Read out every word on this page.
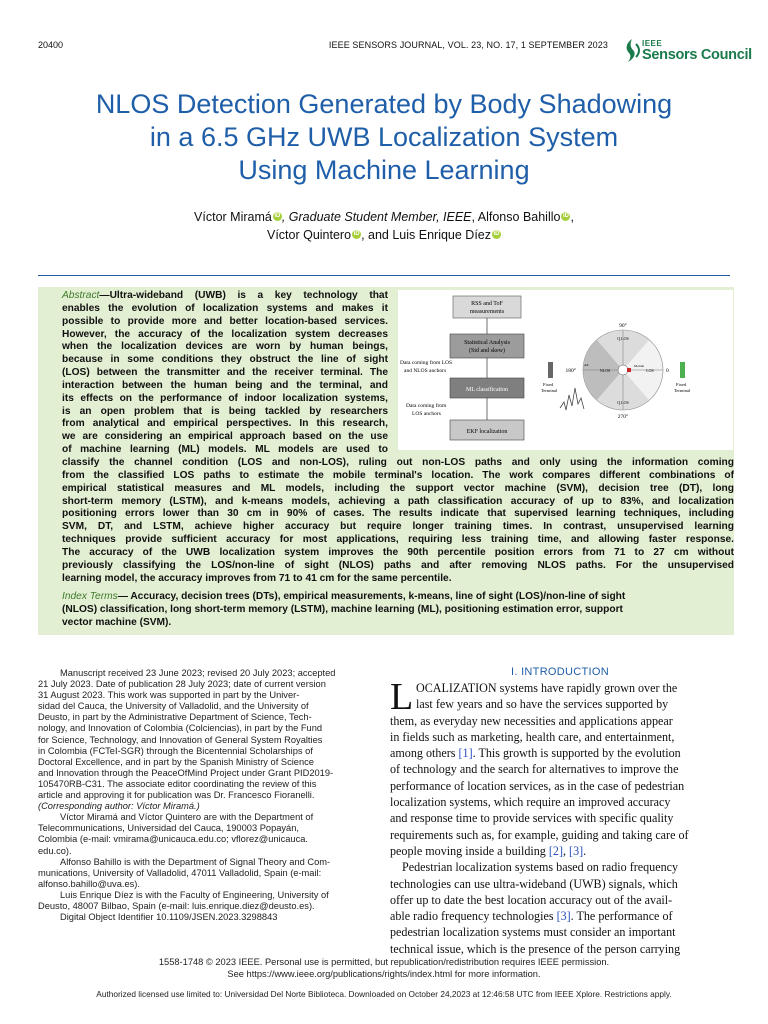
20400	IEEE SENSORS JOURNAL, VOL. 23, NO. 17, 1 SEPTEMBER 2023	IEEE
Sensors Council
NLOS Detection Generated by Body Shadowing
in a 6.5 GHz UWB Localization System
Using Machine Learning
Víctor Miramá iD , Graduate Student Member, IEEE, Alfonso Bahillo iD ,
Víctor Quintero iD , and Luis Enrique Díez iD
RSS and ToF
measurements
Statistical Analysis
(Std and skew)
Data coming from LOS
and NLOS anchors
ML classification
Data coming from
LOS anchors
EKF localization
Fixed
Terminal
90°
180°	0
270°
Q.LOS
Q.LOS
NLOS	LOS
Mobile
AP
Fixed
Terminal
Abstract—Ultra-wideband (UWB) is a key technology that
enables the evolution of localization systems and makes it
possible to provide more and better location-based services.
However, the accuracy of the localization system decreases
when the localization devices are worn by human beings,
because in some conditions they obstruct the line of sight
(LOS) between the transmitter and the receiver terminal. The
interaction between the human being and the terminal, and
its effects on the performance of indoor localization systems,
is an open problem that is being tackled by researchers
from analytical and empirical perspectives. In this research,
we are considering an empirical approach based on the use
of machine learning (ML) models. ML models are used to
classify the channel condition (LOS and non-LOS), ruling out non-LOS paths and only using the information coming
from the classified LOS paths to estimate the mobile terminal's location. The work compares different combinations of
empirical statistical measures and ML models, including the support vector machine (SVM), decision tree (DT), long
short-term memory (LSTM), and k-means models, achieving a path classification accuracy of up to 83%, and localization
positioning errors lower than 30 cm in 90% of cases. The results indicate that supervised learning techniques, including
SVM, DT, and LSTM, achieve higher accuracy but require longer training times. In contrast, unsupervised learning
techniques provide sufficient accuracy for most applications, requiring less training time, and allowing faster response.
The accuracy of the UWB localization system improves the 90th percentile position errors from 71 to 27 cm without
previously classifying the LOS/non-line of sight (NLOS) paths and after removing NLOS paths. For the unsupervised
learning model, the accuracy improves from 71 to 41 cm for the same percentile.
Index Terms— Accuracy, decision trees (DTs), empirical measurements, k-means, line of sight (LOS)/non-line of sight
(NLOS) classification, long short-term memory (LSTM), machine learning (ML), positioning estimation error, support
vector machine (SVM).
Manuscript received 23 June 2023; revised 20 July 2023; accepted
21 July 2023. Date of publication 28 July 2023; date of current version
31 August 2023. This work was supported in part by the Univer-
sidad del Cauca, the University of Valladolid, and the University of
Deusto, in part by the Administrative Department of Science, Tech-
nology, and Innovation of Colombia (Colciencias), in part by the Fund
for Science, Technology, and Innovation of General System Royalties
in Colombia (FCTeI-SGR) through the Bicentennial Scholarships of
Doctoral Excellence, and in part by the Spanish Ministry of Science
and Innovation through the PeaceOfMind Project under Grant PID2019-
105470RB-C31. The associate editor coordinating the review of this
article and approving it for publication was Dr. Francesco Fioranelli.
(Corresponding author: Víctor Miramá.)
Víctor Miramá and Víctor Quintero are with the Department of
Telecommunications, Universidad del Cauca, 190003 Popayán,
Colombia (e-mail: vmirama@unicauca.edu.co; vflorez@unicauca.
edu.co).
Alfonso Bahillo is with the Department of Signal Theory and Com-
munications, University of Valladolid, 47011 Valladolid, Spain (e-mail:
alfonso.bahillo@uva.es).
Luis Enrique Díez is with the Faculty of Engineering, University of
Deusto, 48007 Bilbao, Spain (e-mail: luis.enrique.diez@deusto.es).
Digital Object Identifier 10.1109/JSEN.2023.3298843
I. INTRODUCTION
L OCALIZATION systems have rapidly grown over the
last few years and so have the services supported by
them, as everyday new necessities and applications appear
in fields such as marketing, health care, and entertainment,
among others [1]. This growth is supported by the evolution
of technology and the search for alternatives to improve the
performance of location services, as in the case of pedestrian
localization systems, which require an improved accuracy
and response time to provide services with specific quality
requirements such as, for example, guiding and taking care of
people moving inside a building [2], [3].
Pedestrian localization systems based on radio frequency
technologies can use ultra-wideband (UWB) signals, which
offer up to date the best location accuracy out of the avail-
able radio frequency technologies [3]. The performance of
pedestrian localization systems must consider an important
technical issue, which is the presence of the person carrying
1558-1748 © 2023 IEEE. Personal use is permitted, but republication/redistribution requires IEEE permission.
See https://www.ieee.org/publications/rights/index.html for more information.
Authorized licensed use limited to: Universidad Del Norte Biblioteca. Downloaded on October 24,2023 at 12:46:58 UTC from IEEE Xplore. Restrictions apply.
